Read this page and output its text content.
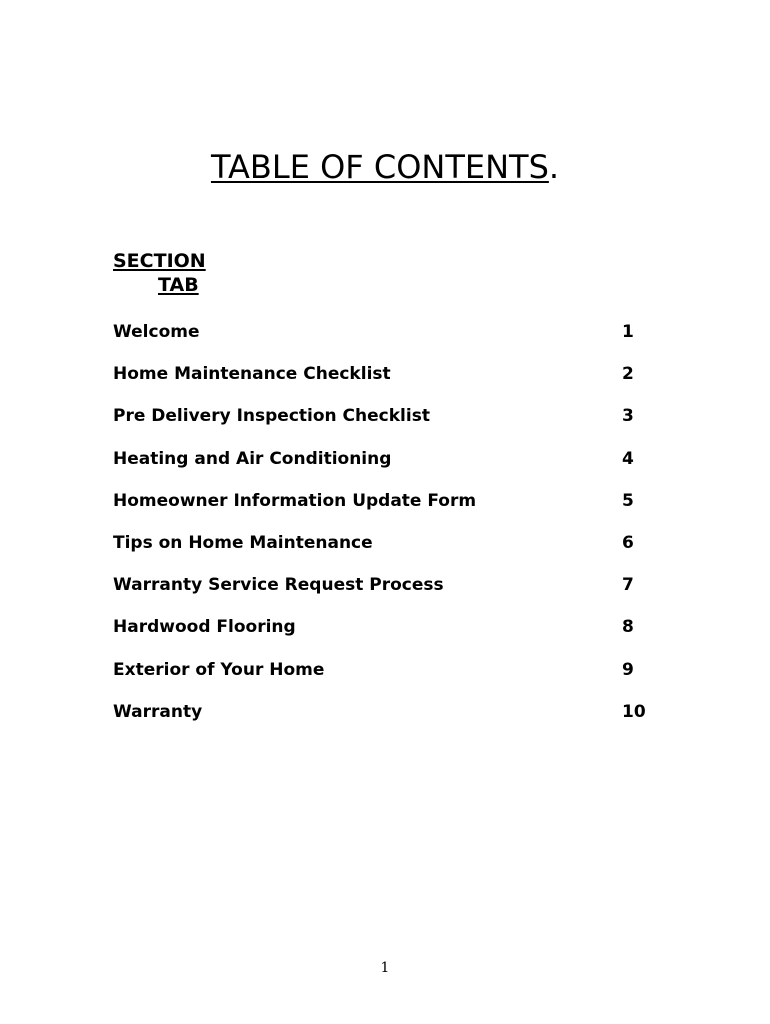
TABLE OF CONTENTS.
SECTION
TAB
Welcome	1
Home Maintenance Checklist	2
Pre Delivery Inspection Checklist	3
Heating and Air Conditioning	4
Homeowner Information Update Form	5
Tips on Home Maintenance	6
Warranty Service Request Process	7
Hardwood Flooring	8
Exterior of Your Home	9
Warranty	10
1
